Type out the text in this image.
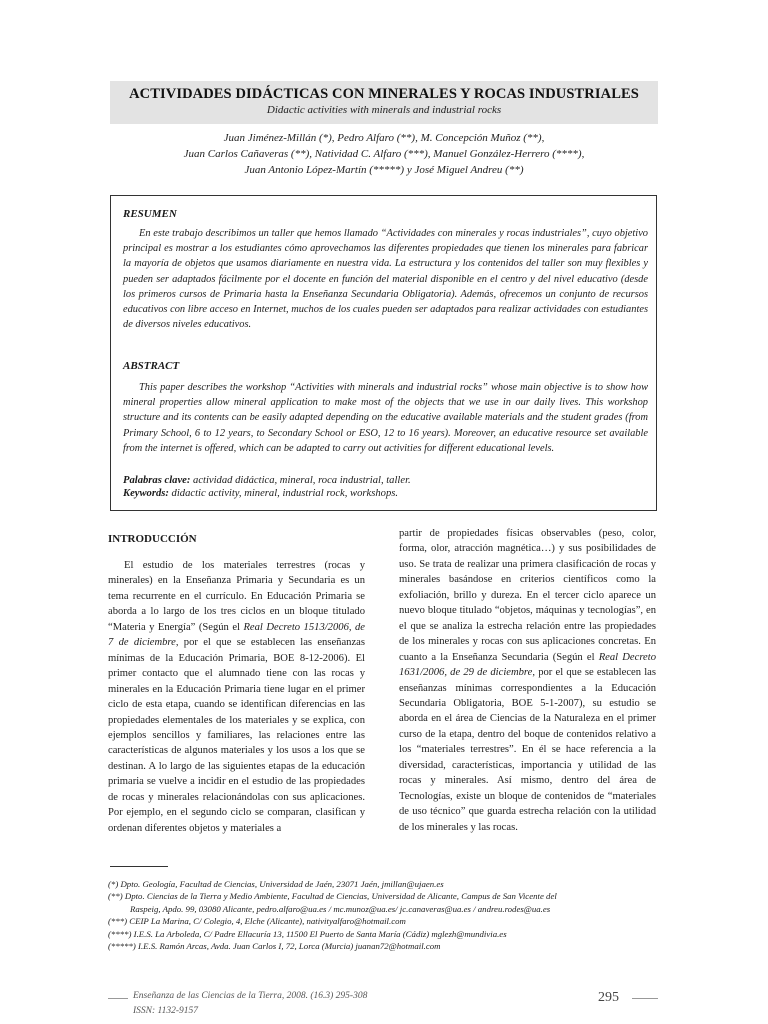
ACTIVIDADES DIDÁCTICAS CON MINERALES Y ROCAS INDUSTRIALES
Didactic activities with minerals and industrial rocks
Juan Jiménez-Millán (*), Pedro Alfaro (**), M. Concepción Muñoz (**),
Juan Carlos Cañaveras (**), Natividad C. Alfaro (***), Manuel González-Herrero (****),
Juan Antonio López-Martín (*****) y José Miguel Andreu (**)
RESUMEN
En este trabajo describimos un taller que hemos llamado “Actividades con minerales y rocas industriales”, cuyo objetivo principal es mostrar a los estudiantes cómo aprovechamos las diferentes propiedades que tienen los minerales para fabricar la mayoría de objetos que usamos diariamente en nuestra vida. La estructura y los contenidos del taller son muy flexibles y pueden ser adaptados fácilmente por el docente en función del material disponible en el centro y del nivel educativo (desde los primeros cursos de Primaria hasta la Enseñanza Secundaria Obligatoria). Además, ofrecemos un conjunto de recursos educativos con libre acceso en Internet, muchos de los cuales pueden ser adaptados para realizar actividades con estudiantes de diversos niveles educativos.
ABSTRACT
This paper describes the workshop “Activities with minerals and industrial rocks” whose main objective is to show how mineral properties allow mineral application to make most of the objects that we use in our daily lives. This workshop structure and its contents can be easily adapted depending on the educative available materials and the student grades (from Primary School, 6 to 12 years, to Secondary School or ESO, 12 to 16 years). Moreover, an educative resource set available from the internet is offered, which can be adapted to carry out activities for different educational levels.
Palabras clave: actividad didáctica, mineral, roca industrial, taller.
Keywords: didactic activity, mineral, industrial rock, workshops.
INTRODUCCIÓN
El estudio de los materiales terrestres (rocas y minerales) en la Enseñanza Primaria y Secundaria es un tema recurrente en el currículo. En Educación Primaria se aborda a lo largo de los tres ciclos en un bloque titulado “Materia y Energía” (Según el Real Decreto 1513/2006, de 7 de diciembre, por el que se establecen las enseñanzas mínimas de la Educación Primaria, BOE 8-12-2006). El primer contacto que el alumnado tiene con las rocas y minerales en la Educación Primaria tiene lugar en el primer ciclo de esta etapa, cuando se identifican diferencias en las propiedades elementales de los materiales y se explica, con ejemplos sencillos y familiares, las relaciones entre las características de algunos materiales y los usos a los que se destinan. A lo largo de las siguientes etapas de la educación primaria se vuelve a incidir en el estudio de las propiedades de rocas y minerales relacionándolas con sus aplicaciones. Por ejemplo, en el segundo ciclo se comparan, clasifican y ordenan diferentes objetos y materiales a
partir de propiedades físicas observables (peso, color, forma, olor, atracción magnética…) y sus posibilidades de uso. Se trata de realizar una primera clasificación de rocas y minerales basándose en criterios científicos como la exfoliación, brillo y dureza. En el tercer ciclo aparece un nuevo bloque titulado “objetos, máquinas y tecnologías”, en el que se analiza la estrecha relación entre las propiedades de los minerales y rocas con sus aplicaciones concretas. En cuanto a la Enseñanza Secundaria (Según el Real Decreto 1631/2006, de 29 de diciembre, por el que se establecen las enseñanzas mínimas correspondientes a la Educación Secundaria Obligatoria, BOE 5-1-2007), su estudio se aborda en el área de Ciencias de la Naturaleza en el primer curso de la etapa, dentro del boque de contenidos relativo a los “materiales terrestres”. En él se hace referencia a la diversidad, características, importancia y utilidad de las rocas y minerales. Así mismo, dentro del área de Tecnologías, existe un bloque de contenidos de “materiales de uso técnico” que guarda estrecha relación con la utilidad de los minerales y las rocas.
(*) Dpto. Geología, Facultad de Ciencias, Universidad de Jaén, 23071 Jaén, jmillan@ujaen.es
(**) Dpto. Ciencias de la Tierra y Medio Ambiente, Facultad de Ciencias, Universidad de Alicante, Campus de San Vicente del
Raspeig, Apdo. 99, 03080 Alicante, pedro.alfaro@ua.es / mc.munoz@ua.es/ jc.canaveras@ua.es / andreu.rodes@ua.es
(***) CEIP La Marina, C/ Colegio, 4, Elche (Alicante), nativityalfaro@hotmail.com
(****) I.E.S. La Arboleda, C/ Padre Ellacuría 13, 11500 El Puerto de Santa María (Cádiz) mglezh@mundivia.es
(*****) I.E.S. Ramón Arcas, Avda. Juan Carlos I, 72, Lorca (Murcia) juanan72@hotmail.com
Enseñanza de las Ciencias de la Tierra, 2008. (16.3) 295-308
ISSN: 1132-9157
295
